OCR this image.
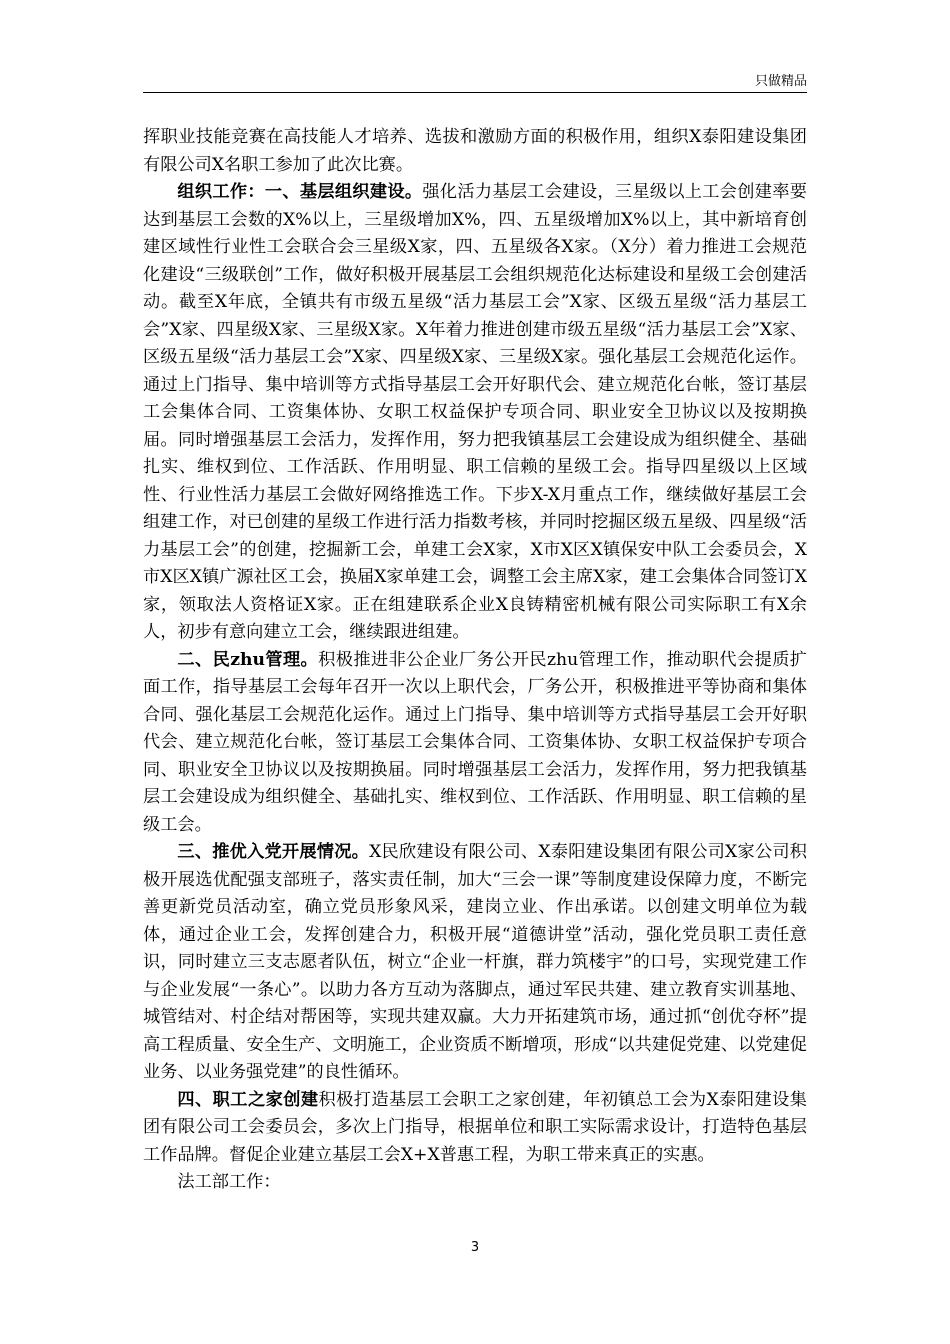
只做精品

挥职业技能竞赛在高技能人才培养、选拔和激励方面的积极作用，组织X泰阳建设集团有限公司X名职工参加了此次比赛。

组织工作：一、基层组织建设。强化活力基层工会建设，三星级以上工会创建率要达到基层工会数的X%以上，三星级增加X%，四、五星级增加X%以上，其中新培育创建区域性行业性工会联合会三星级X家，四、五星级各X家。（X分）着力推进工会规范化建设“三级联创”工作，做好积极开展基层工会组织规范化达标建设和星级工会创建活动。截至X年底，全镇共有市级五星级“活力基层工会”X家、区级五星级“活力基层工会”X家、四星级X家、三星级X家。X年着力推进创建市级五星级“活力基层工会”X家、区级五星级“活力基层工会”X家、四星级X家、三星级X家。强化基层工会规范化运作。通过上门指导、集中培训等方式指导基层工会开好职代会、建立规范化台帐，签订基层工会集体合同、工资集体协、女职工权益保护专项合同、职业安全卫协议以及按期换届。同时增强基层工会活力，发挥作用，努力把我镇基层工会建设成为组织健全、基础扎实、维权到位、工作活跃、作用明显、职工信赖的星级工会。指导四星级以上区域性、行业性活力基层工会做好网络推选工作。下步X-X月重点工作，继续做好基层工会组建工作，对已创建的星级工作进行活力指数考核，并同时挖掘区级五星级、四星级“活力基层工会”的创建，挖掘新工会，单建工会X家，X市X区X镇保安中队工会委员会，X市X区X镇广源社区工会，换届X家单建工会，调整工会主席X家，建工会集体合同签订X家，领取法人资格证X家。正在组建联系企业X良铸精密机械有限公司实际职工有X余人，初步有意向建立工会，继续跟进组建。

二、民zhu管理。积极推进非公企业厂务公开民zhu管理工作，推动职代会提质扩面工作，指导基层工会每年召开一次以上职代会，厂务公开，积极推进平等协商和集体合同、强化基层工会规范化运作。通过上门指导、集中培训等方式指导基层工会开好职代会、建立规范化台帐，签订基层工会集体合同、工资集体协、女职工权益保护专项合同、职业安全卫协议以及按期换届。同时增强基层工会活力，发挥作用，努力把我镇基层工会建设成为组织健全、基础扎实、维权到位、工作活跃、作用明显、职工信赖的星级工会。

三、推优入党开展情况。X民欣建设有限公司、X泰阳建设集团有限公司X家公司积极开展选优配强支部班子，落实责任制，加大“三会一课”等制度建设保障力度，不断完善更新党员活动室，确立党员形象风采，建岗立业、作出承诺。以创建文明单位为载体，通过企业工会，发挥创建合力，积极开展“道德讲堂”活动，强化党员职工责任意识，同时建立三支志愿者队伍，树立“企业一杆旗，群力筑楼宇”的口号，实现党建工作与企业发展“一条心”。以助力各方互动为落脚点，通过军民共建、建立教育实训基地、城管结对、村企结对帮困等，实现共建双赢。大力开拓建筑市场，通过抓“创优夺杯”提高工程质量、安全生产、文明施工，企业资质不断增项，形成“以共建促党建、以党建促业务、以业务强党建”的良性循环。

四、职工之家创建积极打造基层工会职工之家创建，年初镇总工会为X泰阳建设集团有限公司工会委员会，多次上门指导，根据单位和职工实际需求设计，打造特色基层工作品牌。督促企业建立基层工会X+X普惠工程，为职工带来真正的实惠。

法工部工作：

3
